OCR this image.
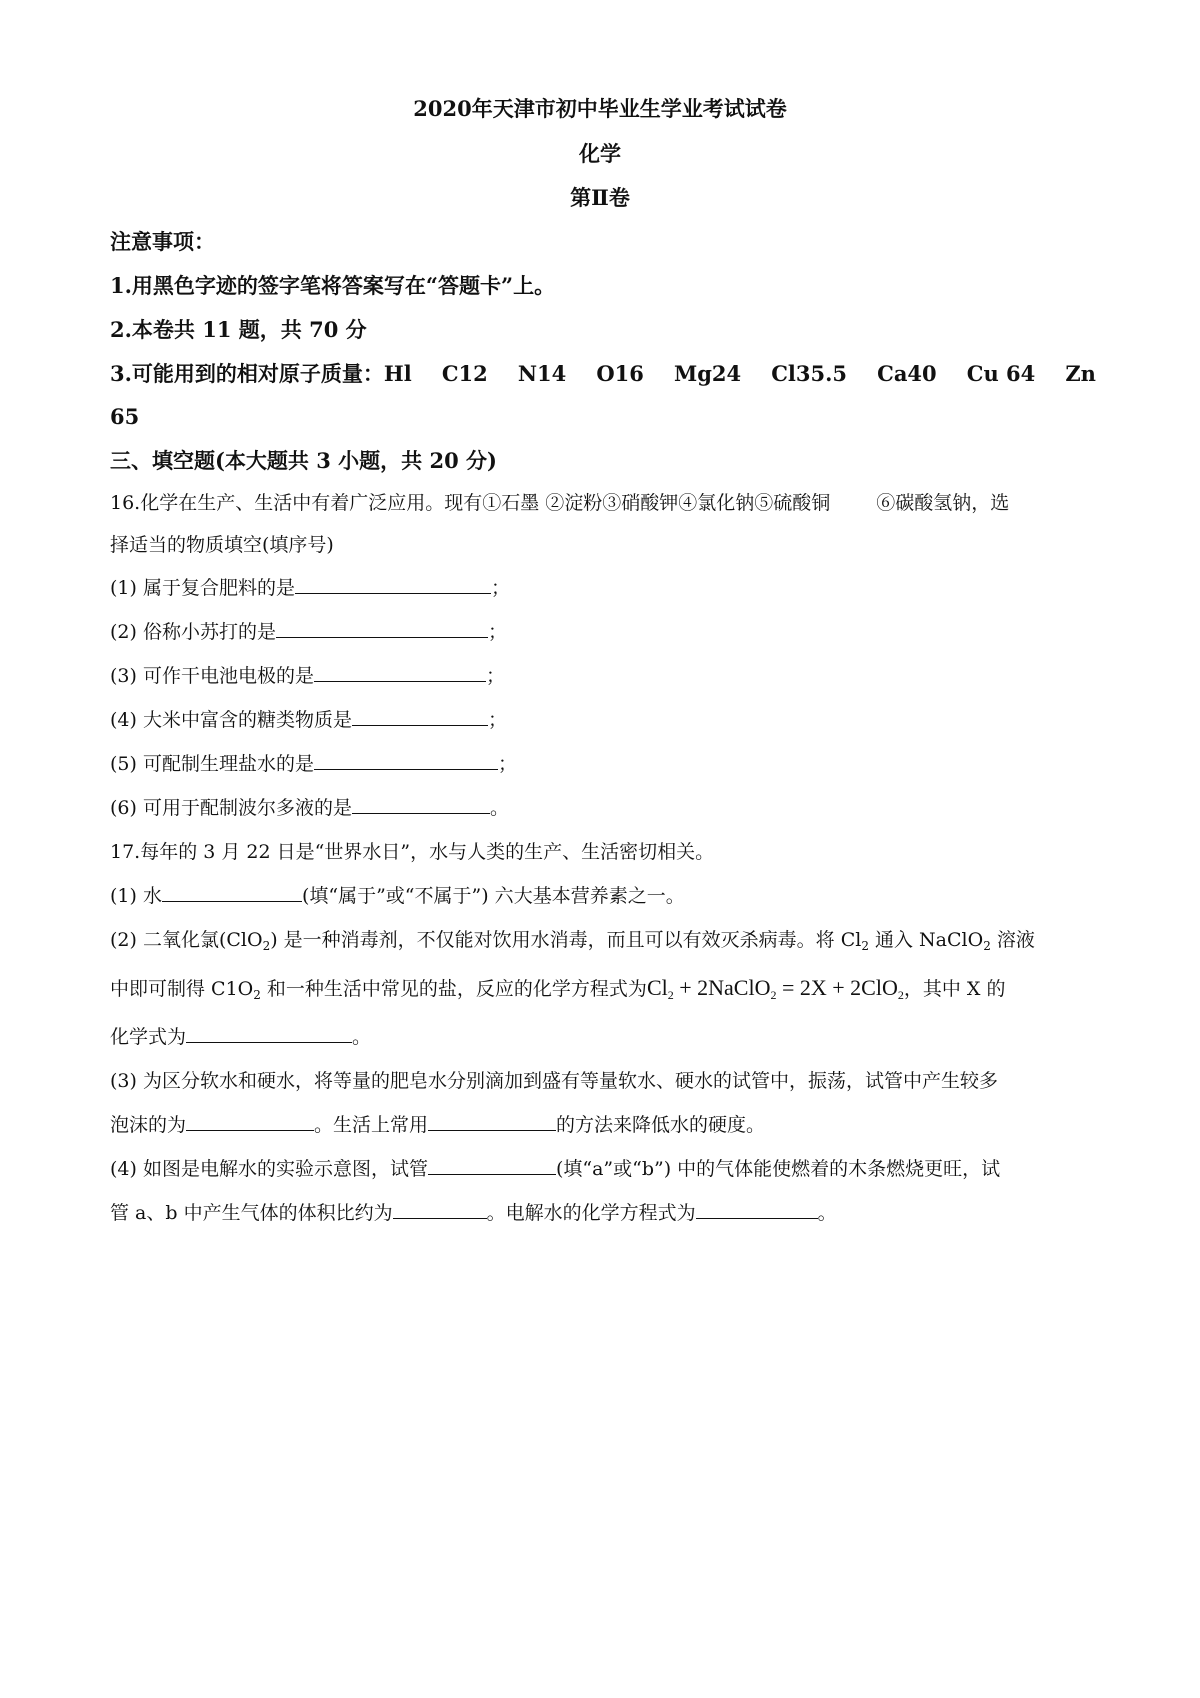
2020年天津市初中毕业生学业考试试卷
化学
第Ⅱ卷
注意事项：
1.用黑色字迹的签字笔将答案写在“答题卡”上。
2.本卷共 11 题，共 70 分
3.可能用到的相对原子质量：Hl C12 N14 O16 Mg24 Cl35.5 Ca40 Cu 64 Zn
65
三、填空题(本大题共 3 小题，共 20 分)
16.化学在生产、生活中有着广泛应用。现有①石墨 ②淀粉③硝酸钾④氯化钠⑤硫酸铜 ⑥碳酸氢钠，选
择适当的物质填空(填序号)
(1) 属于复合肥料的是	；
(2) 俗称小苏打的是	；
(3) 可作干电池电极的是	；
(4) 大米中富含的糖类物质是	；
(5) 可配制生理盐水的是	；
(6) 可用于配制波尔多液的是	。
17.每年的 3 月 22 日是“世界水日”，水与人类的生产、生活密切相关。
(1) 水	(填“属于”或“不属于”) 六大基本营养素之一。
(2) 二氧化氯(ClO$_2$) 是一种消毒剂，不仅能对饮用水消毒，而且可以有效灭杀病毒。将 $Cl_2$ 通入 NaClO$_2$ 溶液
中即可制得 $C1O_2$ 和一种生活中常见的盐，反应的化学方程式为$Cl_2$ + 2NaClO$_2$ = 2X + 2ClO$_2$，其中 X 的
化学式为	。
(3) 为区分软水和硬水，将等量的肥皂水分别滴加到盛有等量软水、硬水的试管中，振荡，试管中产生较多
泡沫的为	。生活上常用	的方法来降低水的硬度。
(4) 如图是电解水的实验示意图，试管	(填“a”或“b”) 中的气体能使燃着的木条燃烧更旺，试
管 a、b 中产生气体的体积比约为	。电解水的化学方程式为	。
